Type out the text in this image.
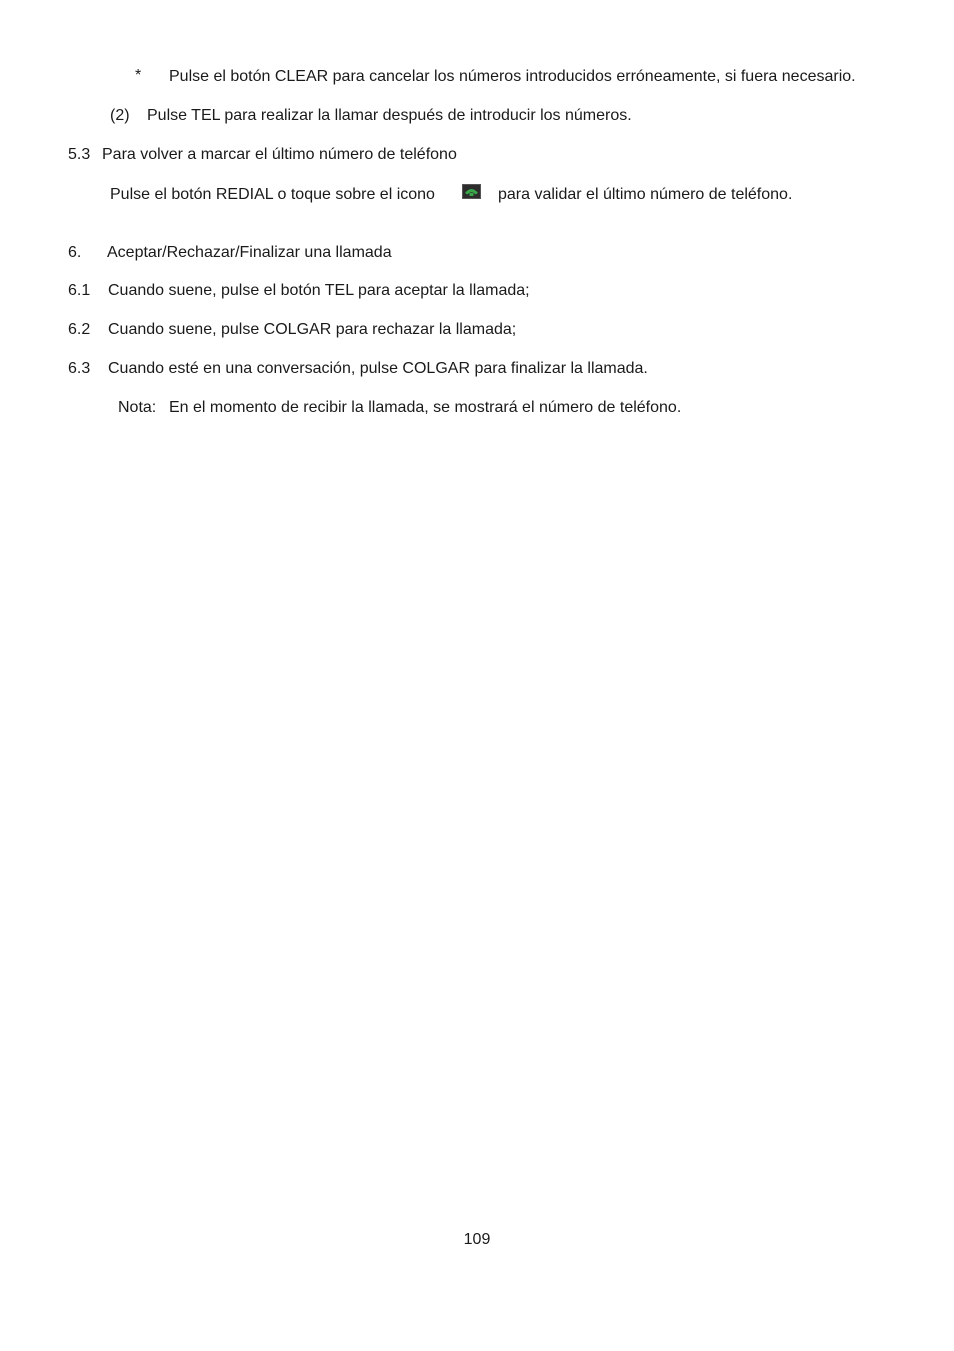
* Pulse el botón CLEAR para cancelar los números introducidos erróneamente, si fuera necesario.
(2) Pulse TEL para realizar la llamar después de introducir los números.
5.3 Para volver a marcar el último número de teléfono
Pulse el botón REDIAL o toque sobre el icono	para validar el último número de teléfono.
6. Aceptar/Rechazar/Finalizar una llamada
6.1 Cuando suene, pulse el botón TEL para aceptar la llamada;
6.2 Cuando suene, pulse COLGAR para rechazar la llamada;
6.3 Cuando esté en una conversación, pulse COLGAR para finalizar la llamada.
Nota: En el momento de recibir la llamada, se mostrará el número de teléfono.
109
